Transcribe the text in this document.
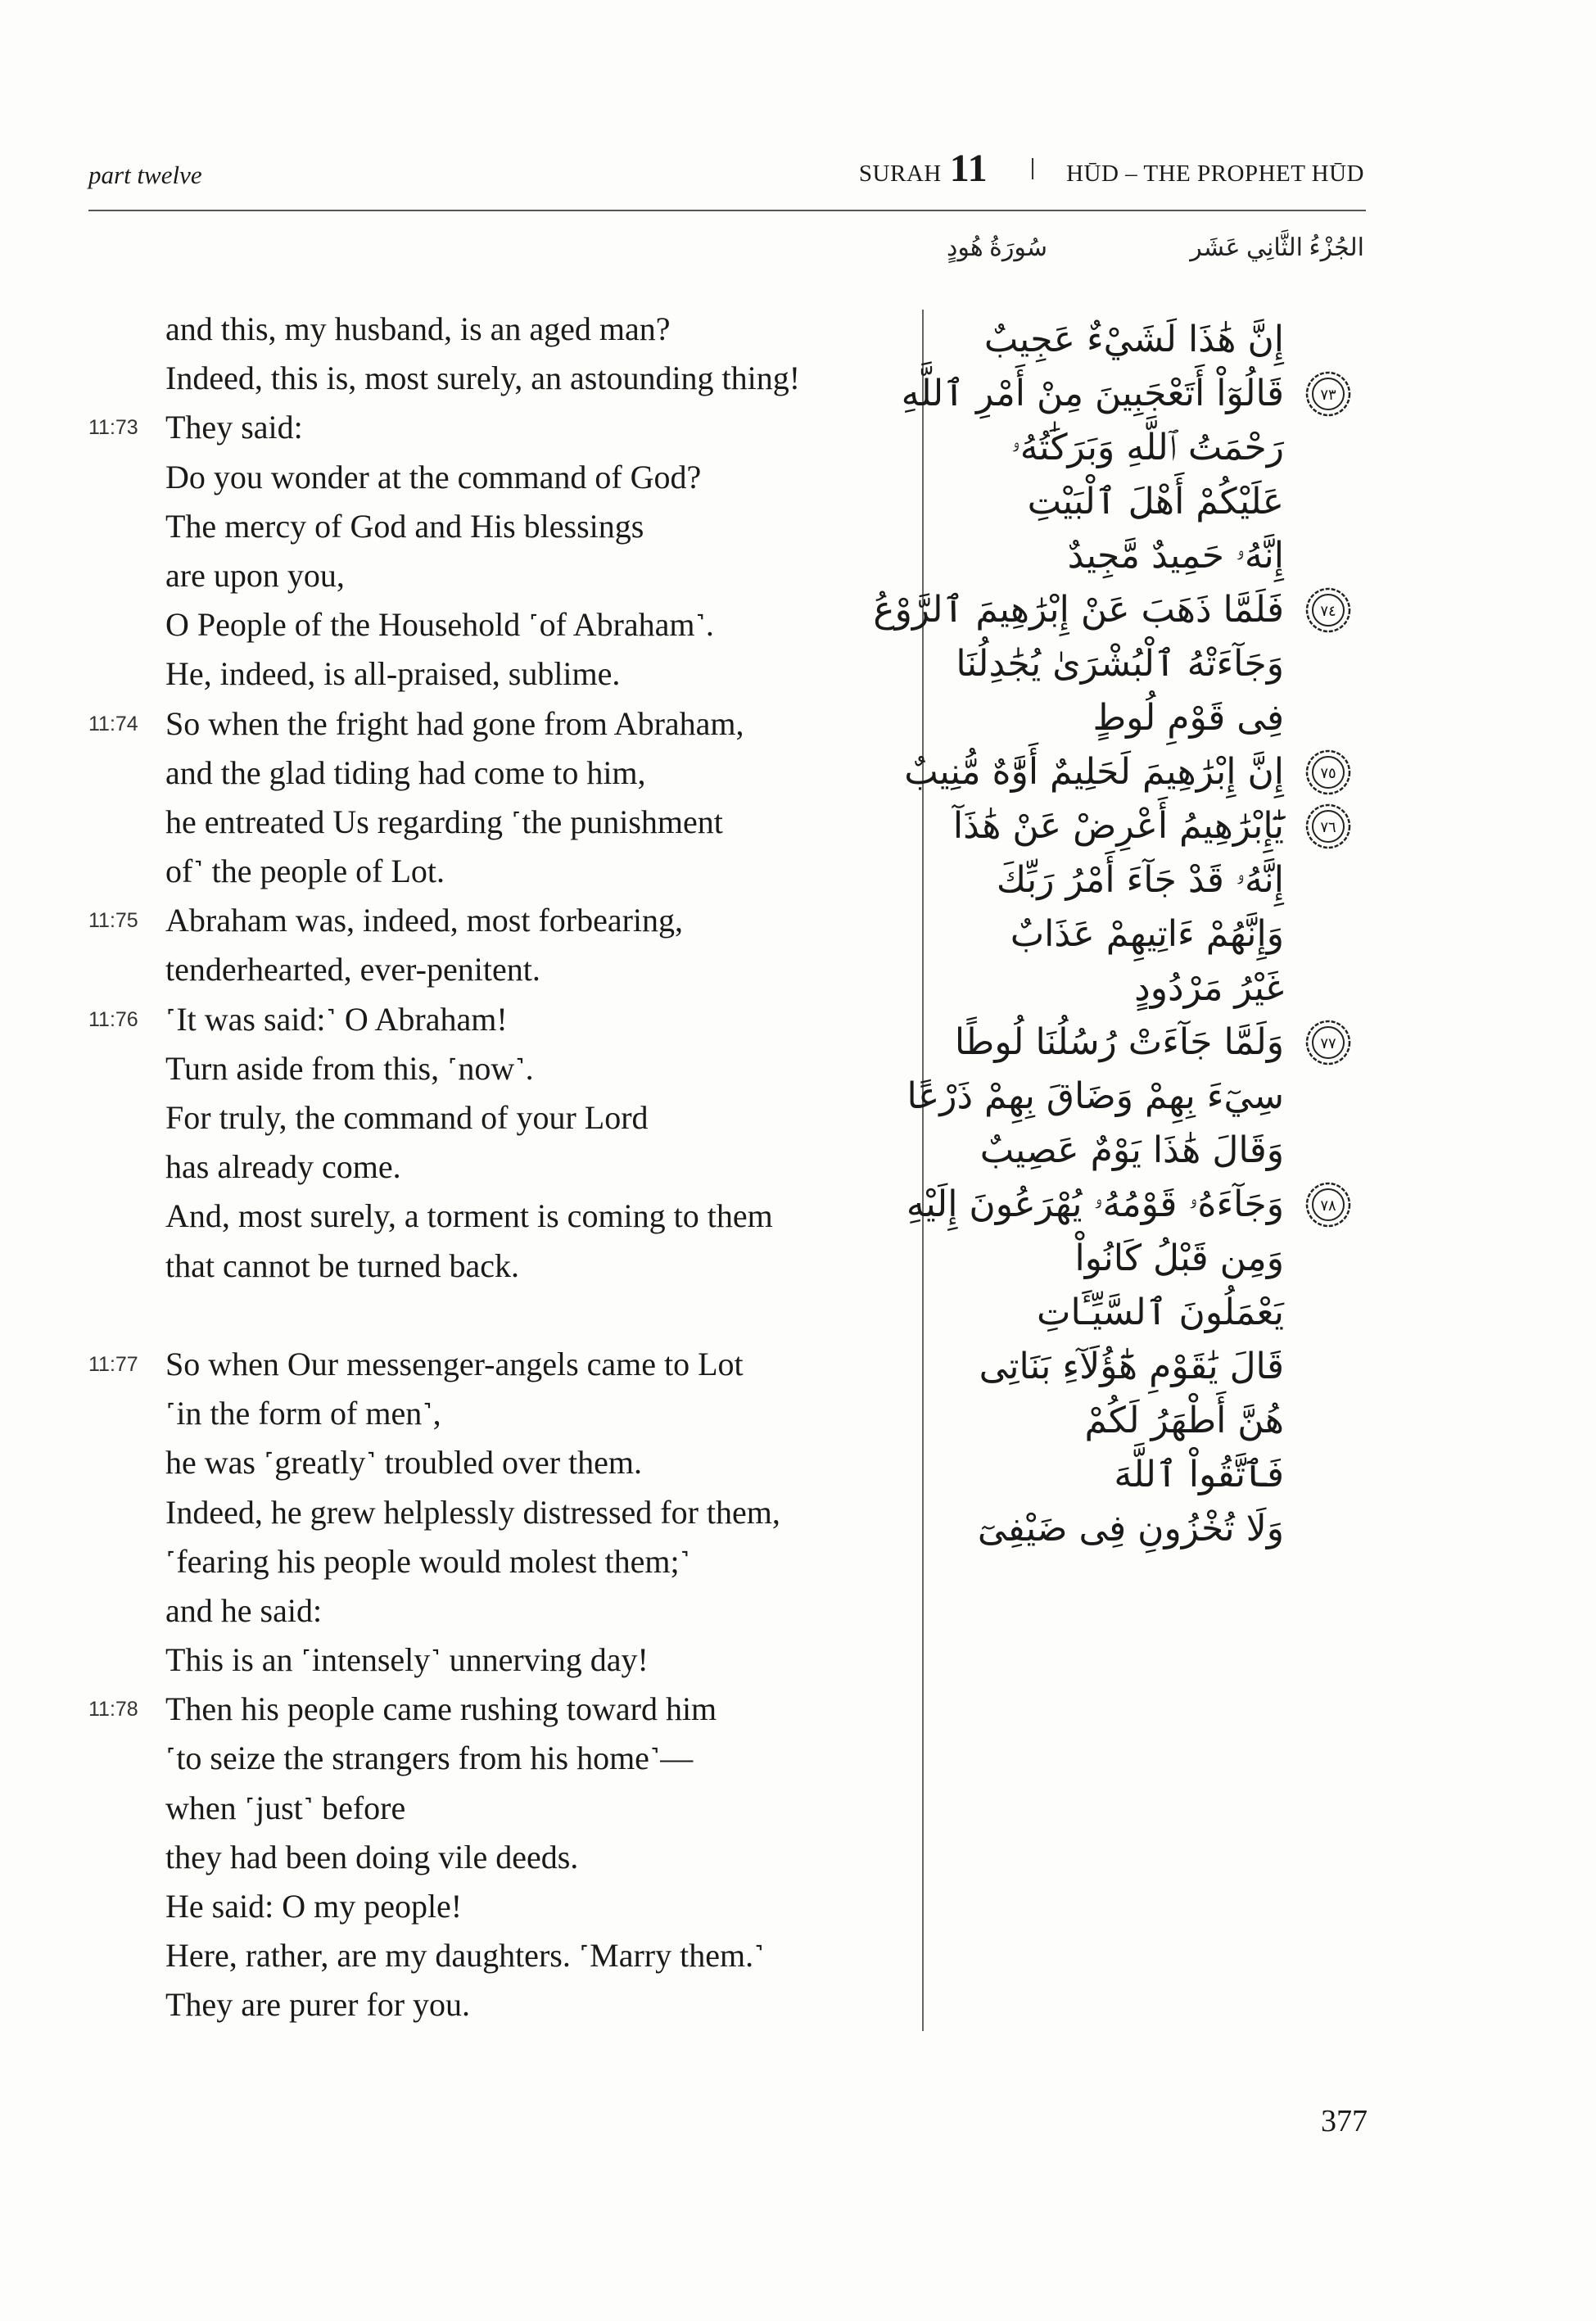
part twelve	SURAH 11	HŪD – THE PROPHET HŪD
الجُزْءُ الثَّانِي عَشَر
سُورَةُ هُودٍ
and this, my husband, is an aged man?
Indeed, this is, most surely, an astounding thing!
11:73 They said:
Do you wonder at the command of God?
The mercy of God and His blessings
are upon you,
O People of the Household ˹of Abraham˺.
He, indeed, is all-praised, sublime.
11:74 So when the fright had gone from Abraham,
and the glad tiding had come to him,
he entreated Us regarding ˹the punishment
of˺ the people of Lot.
11:75 Abraham was, indeed, most forbearing,
tenderhearted, ever-penitent.
11:76 ˹It was said:˺ O Abraham!
Turn aside from this, ˹now˺.
For truly, the command of your Lord
has already come.
And, most surely, a torment is coming to them
that cannot be turned back.
11:77 So when Our messenger-angels came to Lot
˹in the form of men˺,
he was ˹greatly˺ troubled over them.
Indeed, he grew helplessly distressed for them,
˹fearing his people would molest them;˺
and he said:
This is an ˹intensely˺ unnerving day!
11:78 Then his people came rushing toward him
˹to seize the strangers from his home˺—
when ˹just˺ before
they had been doing vile deeds.
He said: O my people!
Here, rather, are my daughters. ˹Marry them.˺
They are purer for you.
إِنَّ هَٰذَا لَشَيْءٌ عَجِيبٌ
قَالُوٓاْ أَتَعْجَبِينَ مِنْ أَمْرِ ٱللَّهِ
رَحْمَتُ ٱللَّهِ وَبَرَكَٰتُهُۥ
عَلَيْكُمْ أَهْلَ ٱلْبَيْتِ
إِنَّهُۥ حَمِيدٌ مَّجِيدٌ
فَلَمَّا ذَهَبَ عَنْ إِبْرَٰهِيمَ ٱلرَّوْعُ
وَجَآءَتْهُ ٱلْبُشْرَىٰ يُجَٰدِلُنَا
فِى قَوْمِ لُوطٍ
إِنَّ إِبْرَٰهِيمَ لَحَلِيمٌ أَوَّٰهٌ مُّنِيبٌ
يَٰٓإِبْرَٰهِيمُ أَعْرِضْ عَنْ هَٰذَآ
إِنَّهُۥ قَدْ جَآءَ أَمْرُ رَبِّكَ
وَإِنَّهُمْ ءَاتِيهِمْ عَذَابٌ
غَيْرُ مَرْدُودٍ
وَلَمَّا جَآءَتْ رُسُلُنَا لُوطًا
سِيٓءَ بِهِمْ وَضَاقَ بِهِمْ ذَرْعًا
وَقَالَ هَٰذَا يَوْمٌ عَصِيبٌ
وَجَآءَهُۥ قَوْمُهُۥ يُهْرَعُونَ إِلَيْهِ
وَمِن قَبْلُ كَانُواْ
يَعْمَلُونَ ٱلسَّيِّـَٔاتِ
قَالَ يَٰقَوْمِ هَٰٓؤُلَآءِ بَنَاتِى
هُنَّ أَطْهَرُ لَكُمْ
فَٱتَّقُواْ ٱللَّهَ
وَلَا تُخْزُونِ فِى ضَيْفِىٓ
٧٣
٧٤
٧٥
٧٦
٧٧
٧٨
377
